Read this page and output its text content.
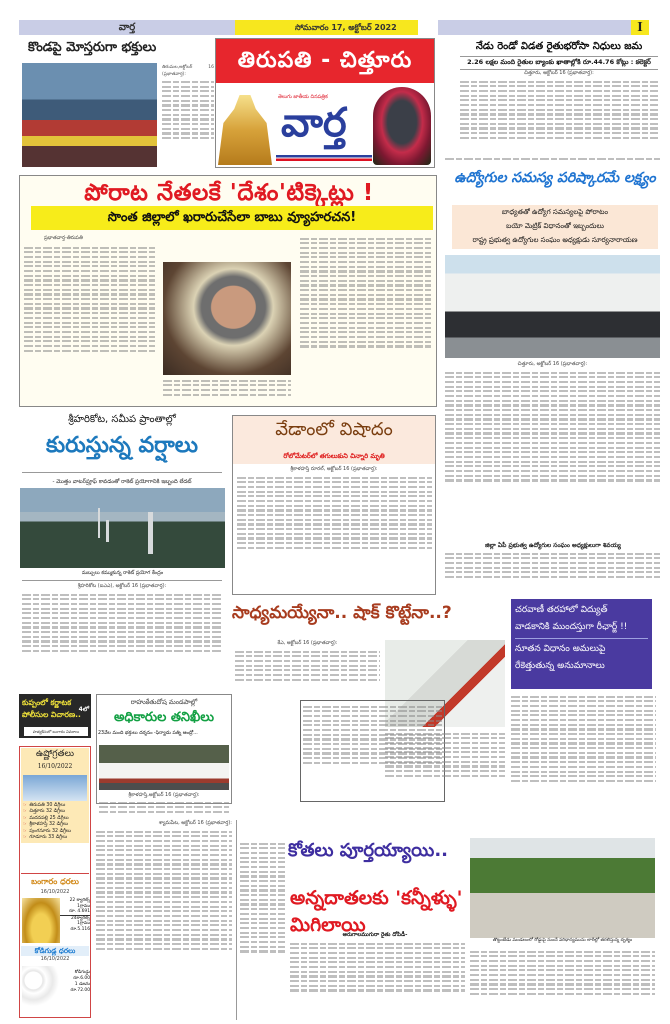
వార్త	సోమవారం 17, అక్టోబర్ 2022	I
కొండపై మోస్తరుగా భక్తులు
తిరుమల,అక్టోబర్ 16 (ప్రభాతవార్త):
తిరుపతి - చిత్తూరు
తెలుగు జాతీయ దినపత్రిక
వార్త
నేడు రెండో విడత రైతుభరోసా నిధులు జమ
2.26 లక్షల మంది రైతుల బ్యాంకు ఖాతాల్లోకి రూ.44.76 కోట్లు : కలెక్టర్
చిత్తూరు, అక్టోబర్ 16 (ప్రభాతవార్త):
పోరాట నేతలకే 'దేశం'టిక్కెట్లు !
సొంత జిల్లాలో ఖరారుచేసేలా బాబు వ్యూహరచన!
ప్రభాతవార్త-తిరుపతి
ఉద్యోగుల సమస్య పరిష్కారమే లక్ష్యం
బాధ్యతతో ఉద్యోగ సమస్యలపై పోరాటం
బయో మెట్రిక్ విధానంతో ఇబ్బందులు
రాష్ట్ర ప్రభుత్వ ఉద్యోగుల సంఘం అధ్యక్షుడు సూర్యనారాయణ
చిత్తూరు, అక్టోబర్ 16 (ప్రభాతవార్త):
జిల్లా ఏపీ ప్రభుత్వ ఉద్యోగుల సంఘం అధ్యక్షులుగా శివయ్య
శ్రీహరికోట, సమీప ప్రాంతాల్లో
కురుస్తున్న వర్షాలు
- మొత్తం వాటర్‌ప్రూఫ్ కావడంతో రాకెట్ ప్రయోగానికి ఇబ్బంది లేదట్
మబ్బులు కమ్ముకున్న రాకెట్ ప్రయోగ కేంద్రం
శ్రీహరికోట (ఐఎఎ), అక్టోబర్ 16 (ప్రభాతవార్త):
వేడాంలో విషాదం
రోలోమేటర్‌లో తగులుకుని చిన్నారి మృతి
శ్రీకాళహస్తి రూరల్, అక్టోబర్ 16 (ప్రభాతవార్త):
సాధ్యమయ్యేనా.. షాక్ కొట్టేనా..?	చరవాణీ తరహాలో విద్యుత్
వాడకానికి ముందస్తుగా రీఛార్జ్ !!
నూతన విధానం అమలుపై
రేకెత్తుతున్న అనుమానాలు
కేఎ, అక్టోబర్ 16 (ప్రభాతవార్త):
కుప్పంలో కర్ణాటక పోలీసుల విచారణ..
4లో
హత్యకేసులో బంగారం వివరాలు
ఉష్ణోగ్రతలు
16/10/2022
☞ తిరుపతి 30 డిగ్రీలు
☞ చిత్తూరు 32 డిగ్రీలు
☞ మదనపల్లి 25 డిగ్రీలు
☞ శ్రీకాళహస్తి 32 డిగ్రీలు
☞ పుంగనూరు 32 డిగ్రీలు
☞ గూడూరు 33 డిగ్రీలు
బంగారం ధరలు
16/10/2022
22 క్యారెట్స్
1గ్రాము
రూ. 4.691
24క్యారెట్స్
1గ్రాము
రూ.5.116
కోడిగుడ్ల ధరలు
16/10/2022
కోడిగుడ్డు
రూ.6.00
1 డజను
రూ.72.00
రాహుకేతుదోష మండపాల్లో
అధికారుల తనిఖీలు
23వేల మంది భక్తులు దర్శనం -ఫిర్యాదు పత్ని ఆంద్రో...
శ్రీకాళహస్తి,అక్టోబర్ 16 (ప్రభాతవార్త):
శ్యామపేట, అక్టోబర్ 16 (ప్రభాతవార్త):
కోతలు పూర్తయ్యాయి..
అన్నదాతలకు 'కన్నీళ్ళు' మిగిలాయి
తొట్టంబేడు మండలంలో రోడ్డుపై నుంచే వరిధాన్యమును లారీల్లో తరలిస్తున్న దృశ్యం
అరుగాలముగురా రైతు దోపిడీ-
